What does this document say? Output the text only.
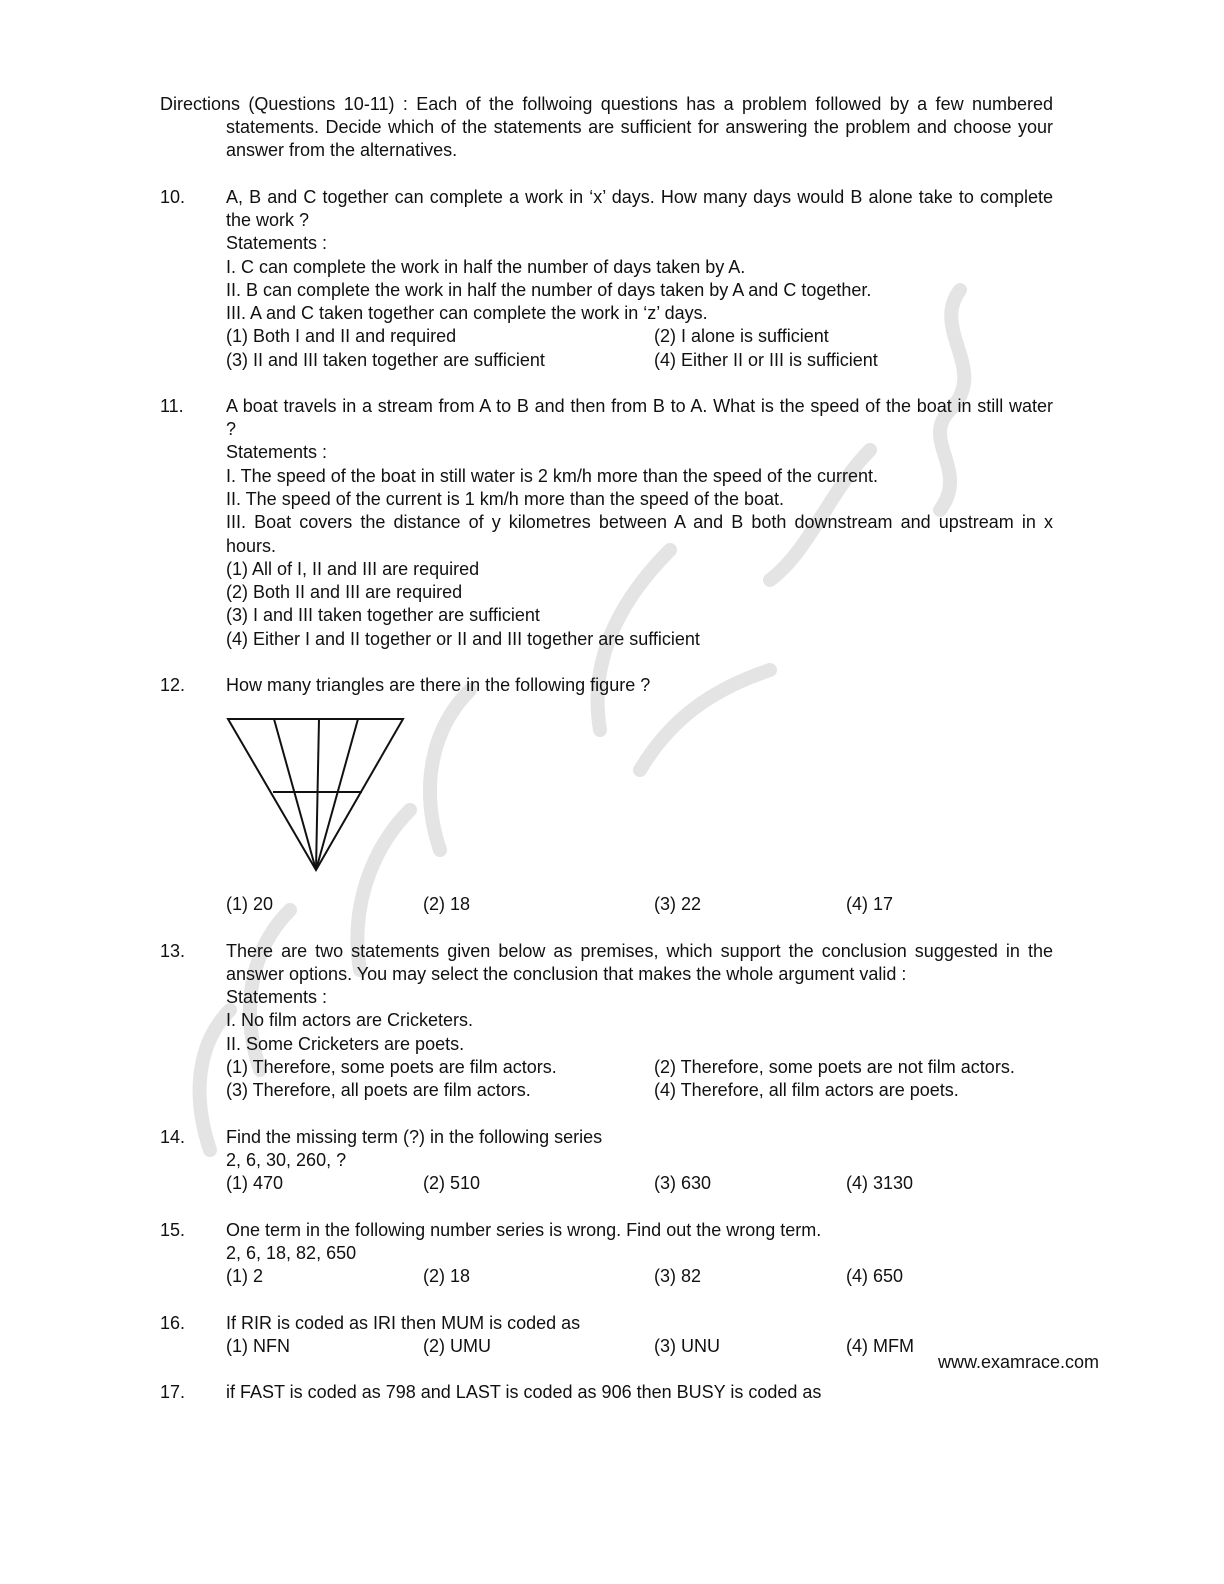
Directions (Questions 10-11) : Each of the follwoing questions has a problem followed by a few numbered
statements. Decide which of the statements are sufficient for answering the problem and choose your
answer from the alternatives.
10. A, B and C together can complete a work in ‘x’ days. How many days would B alone take to complete
the work ?
Statements :
I. C can complete the work in half the number of days taken by A.
II. B can complete the work in half the number of days taken by A and C together.
III. A and C taken together can complete the work in ‘z’ days.
(1) Both I and II and required	(2) I alone is sufficient
(3) II and III taken together are sufficient	(4) Either II or III is sufficient
11. A boat travels in a stream from A to B and then from B to A. What is the speed of the boat in still water
?
Statements :
I. The speed of the boat in still water is 2 km/h more than the speed of the current.
II. The speed of the current is 1 km/h more than the speed of the boat.
III. Boat covers the distance of y kilometres between A and B both downstream and upstream in x
hours.
(1) All of I, II and III are required
(2) Both II and III are required
(3) I and III taken together are sufficient
(4) Either I and II together or II and III together are sufficient
12. How many triangles are there in the following figure ?
(1) 20	(2) 18	(3) 22	(4) 17
13. There are two statements given below as premises, which support the conclusion suggested in the
answer options. You may select the conclusion that makes the whole argument valid :
Statements :
I. No film actors are Cricketers.
II. Some Cricketers are poets.
(1) Therefore, some poets are film actors.	(2) Therefore, some poets are not film actors.
(3) Therefore, all poets are film actors.	(4) Therefore, all film actors are poets.
14. Find the missing term (?) in the following series
2, 6, 30, 260, ?
(1) 470	(2) 510	(3) 630	(4) 3130
15. One term in the following number series is wrong. Find out the wrong term.
2, 6, 18, 82, 650
(1) 2	(2) 18	(3) 82	(4) 650
16. If RIR is coded as IRI then MUM is coded as
(1) NFN	(2) UMU	(3) UNU	(4) MFM
www.examrace.com
17. if FAST is coded as 798 and LAST is coded as 906 then BUSY is coded as
